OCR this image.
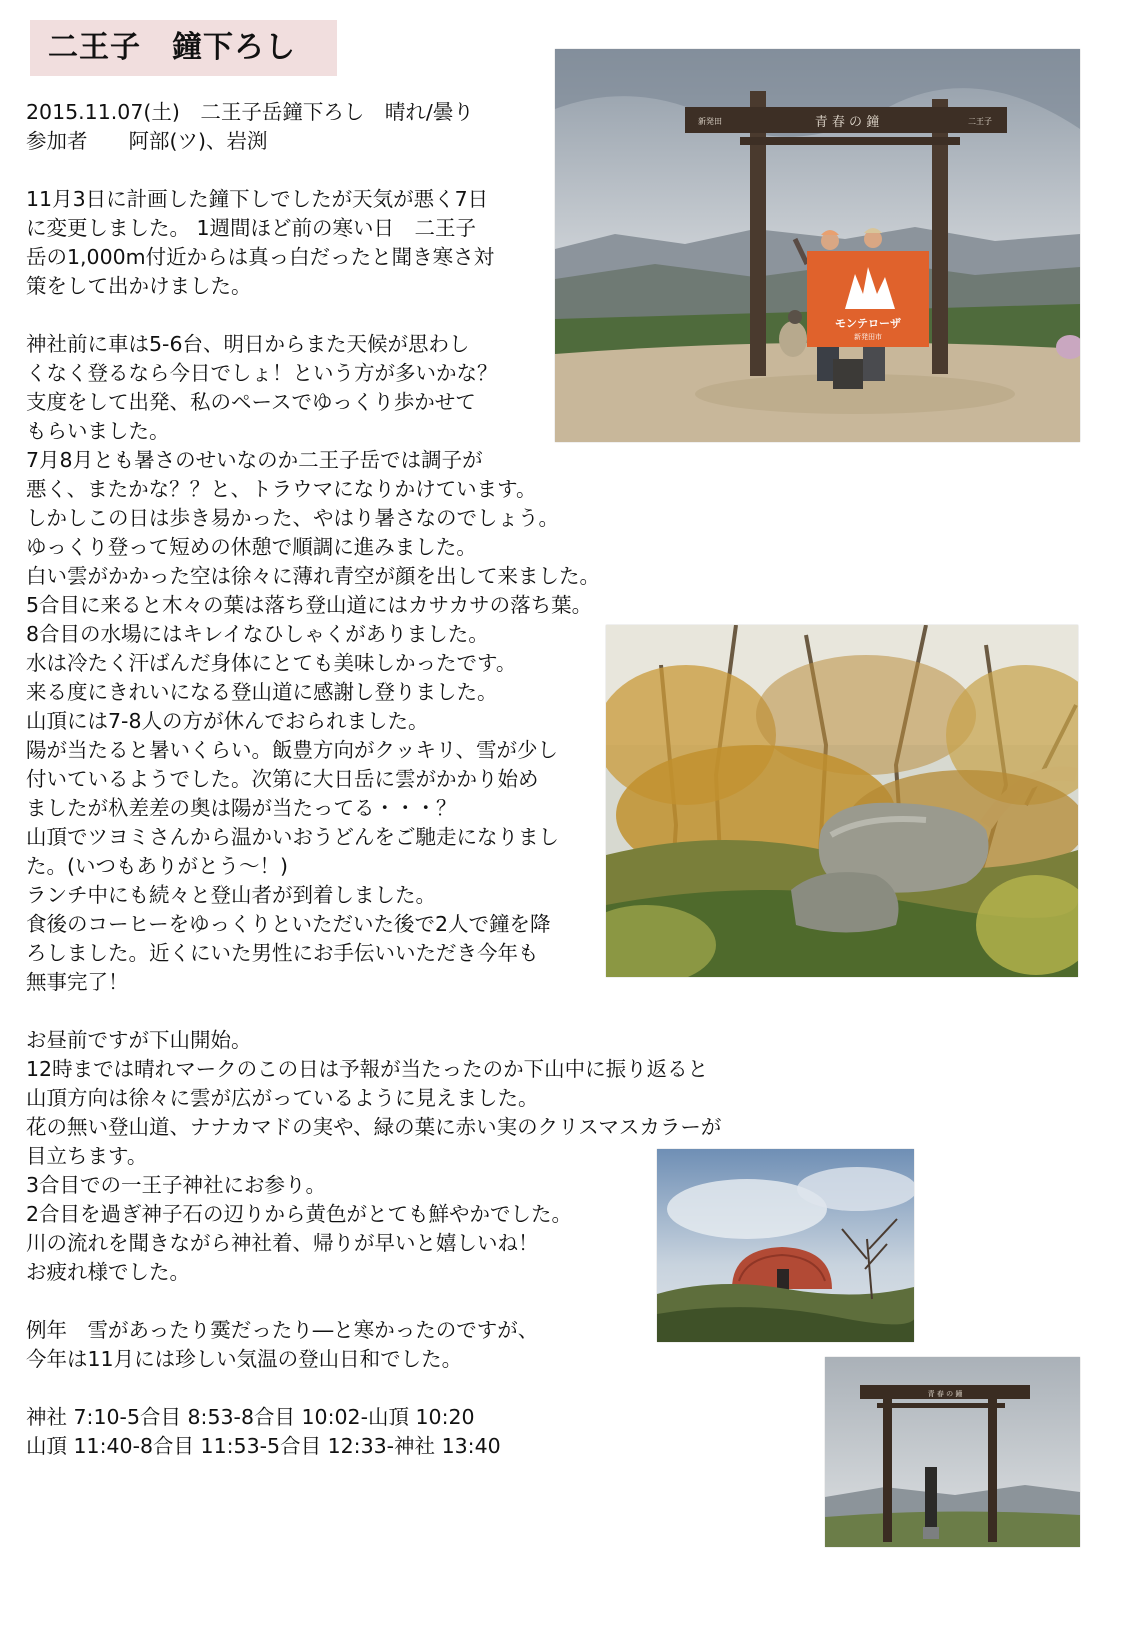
二王子　鐘下ろし
2015.11.07(土)　二王子岳鐘下ろし　晴れ/曇り
参加者　　阿部(ツ)、岩渕
11月3日に計画した鐘下しでしたが天気が悪く7日
に変更しました。 1週間ほど前の寒い日　二王子
岳の1,000m付近からは真っ白だったと聞き寒さ対
策をして出かけました。
神社前に車は5-6台、明日からまた天候が思わし
くなく登るなら今日でしょ！という方が多いかな？
支度をして出発、私のペースでゆっくり歩かせて
もらいました。
7月8月とも暑さのせいなのか二王子岳では調子が
悪く、またかな？？と、トラウマになりかけています。
しかしこの日は歩き易かった、やはり暑さなのでしょう。
ゆっくり登って短めの休憩で順調に進みました。
白い雲がかかった空は徐々に薄れ青空が顔を出して来ました。
5合目に来ると木々の葉は落ち登山道にはカサカサの落ち葉。
8合目の水場にはキレイなひしゃくがありました。
水は冷たく汗ばんだ身体にとても美味しかったです。
来る度にきれいになる登山道に感謝し登りました。
山頂には7-8人の方が休んでおられました。
陽が当たると暑いくらい。飯豊方向がクッキリ、雪が少し
付いているようでした。次第に大日岳に雲がかかり始め
ましたが杁差差の奥は陽が当たってる・・・？
山頂でツヨミさんから温かいおうどんをご馳走になりまし
た。(いつもありがとう～！)
ランチ中にも続々と登山者が到着しました。
食後のコーヒーをゆっくりといただいた後で2人で鐘を降
ろしました。近くにいた男性にお手伝いいただき今年も
無事完了！
お昼前ですが下山開始。
12時までは晴れマークのこの日は予報が当たったのか下山中に振り返ると
山頂方向は徐々に雲が広がっているように見えました。
花の無い登山道、ナナカマドの実や、緑の葉に赤い実のクリスマスカラーが
目立ちます。
3合目での一王子神社にお参り。
2合目を過ぎ神子石の辺りから黄色がとても鮮やかでした。
川の流れを聞きながら神社着、帰りが早いと嬉しいね！
お疲れ様でした。
例年　雪があったり霙だったり―と寒かったのですが、
今年は11月には珍しい気温の登山日和でした。
神社 7:10-5合目 8:53-8合目 10:02-山頂 10:20
山頂 11:40-8合目 11:53-5合目 12:33-神社 13:40
青 春 の 鐘
新発田	二王子
モンテローザ
新発田市
青 春 の 鐘
